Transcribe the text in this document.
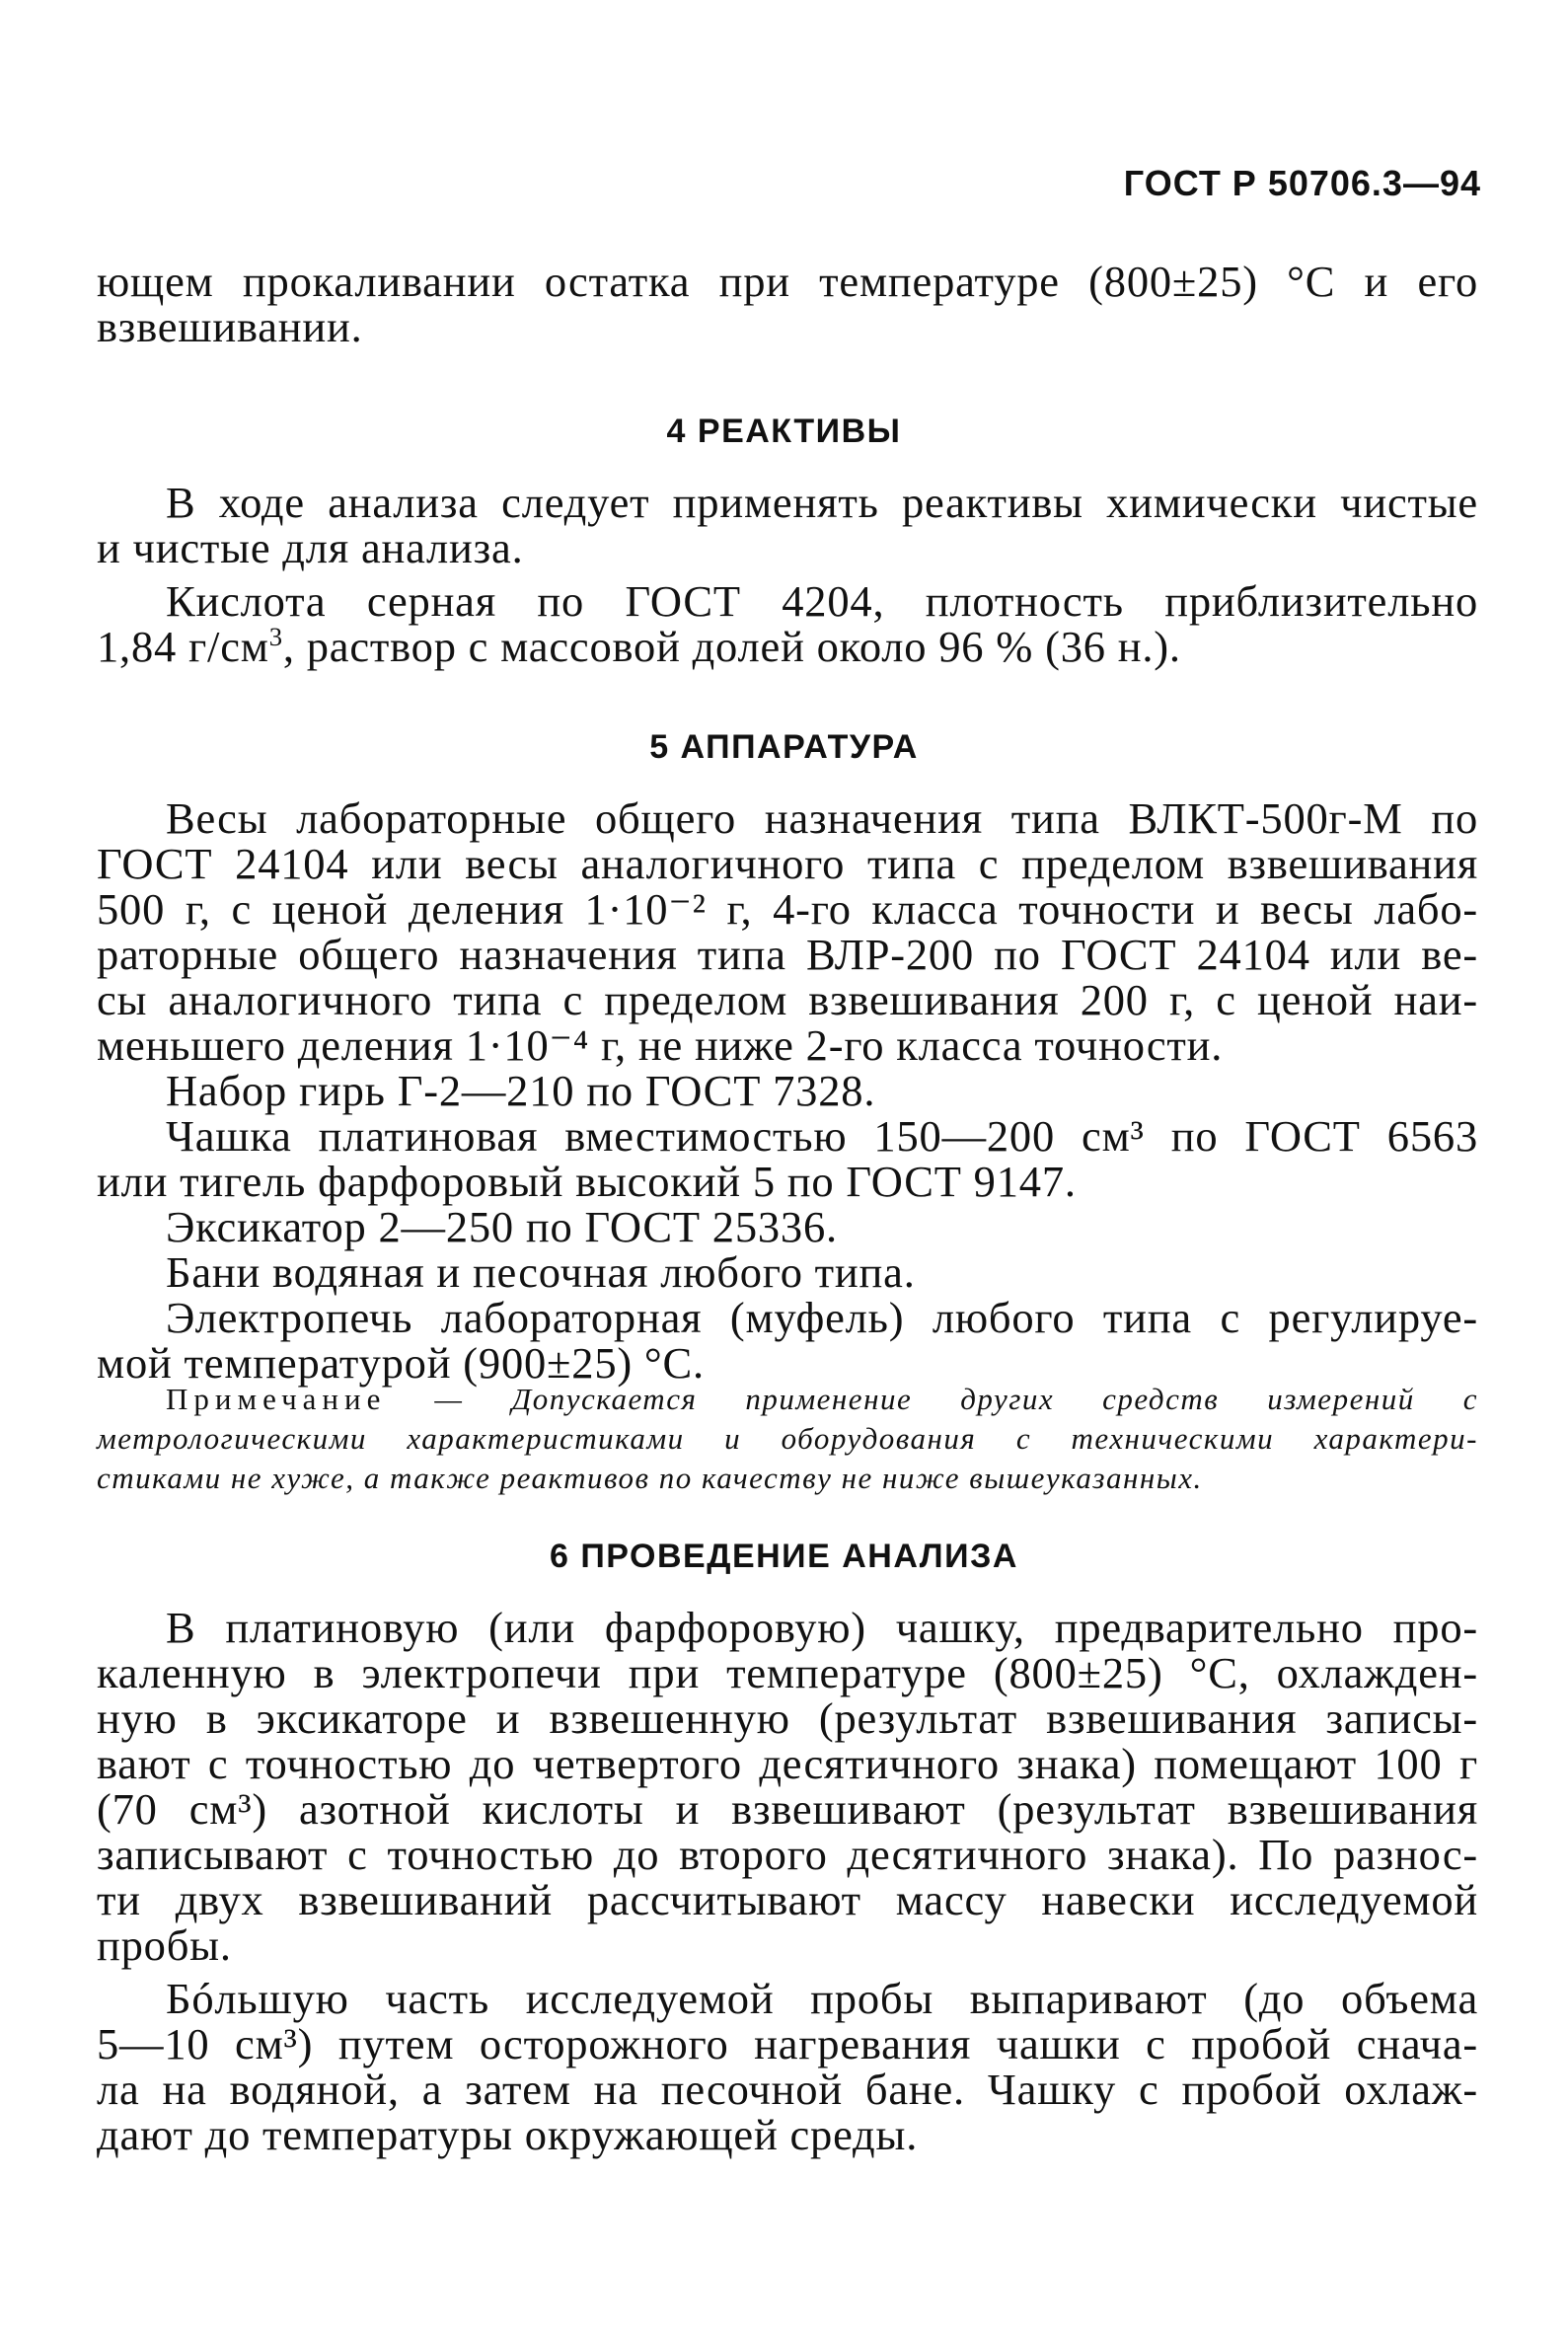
ГОСТ Р 50706.3—94
ющем прокаливании остатка при температуре (800±25) °C и его
взвешивании.
4 РЕАКТИВЫ
В ходе анализа следует применять реактивы химически чистые
и чистые для анализа.
Кислота серная по ГОСТ 4204, плотность приблизительно
1,84 $г/см^3$, раствор с массовой долей около 96 % (36 н.).
5 АППАРАТУРА
Весы лабораторные общего назначения типа ВЛКТ-500г-М по
ГОСТ 24104 или весы аналогичного типа с пределом взвешивания
500 г, с ценой деления 1·10⁻² г, 4-го класса точности и весы лабо-
раторные общего назначения типа ВЛР-200 по ГОСТ 24104 или ве-
сы аналогичного типа с пределом взвешивания 200 г, с ценой наи-
меньшего деления 1·10⁻⁴ г, не ниже 2-го класса точности.
Набор гирь Г-2—210 по ГОСТ 7328.
Чашка платиновая вместимостью 150—200 см³ по ГОСТ 6563
или тигель фарфоровый высокий 5 по ГОСТ 9147.
Эксикатор 2—250 по ГОСТ 25336.
Бани водяная и песочная любого типа.
Электропечь лабораторная (муфель) любого типа с регулируе-
мой температурой (900±25) °C.
Примечание — Допускается применение других средств измерений с
метрологическими характеристиками и оборудования с техническими характери-
стиками не хуже, а также реактивов по качеству не ниже вышеуказанных.
6 ПРОВЕДЕНИЕ АНАЛИЗА
В платиновую (или фарфоровую) чашку, предварительно про-
каленную в электропечи при температуре (800±25) °C, охлажден-
ную в эксикаторе и взвешенную (результат взвешивания записы-
вают с точностью до четвертого десятичного знака) помещают 100 г
(70 см³) азотной кислоты и взвешивают (результат взвешивания
записывают с точностью до второго десятичного знака). По разнос-
ти двух взвешиваний рассчитывают массу навески исследуемой
пробы.
Бóльшую часть исследуемой пробы выпаривают (до объема
5—10 см³) путем осторожного нагревания чашки с пробой снача-
ла на водяной, а затем на песочной бане. Чашку с пробой охлаж-
дают до температуры окружающей среды.
